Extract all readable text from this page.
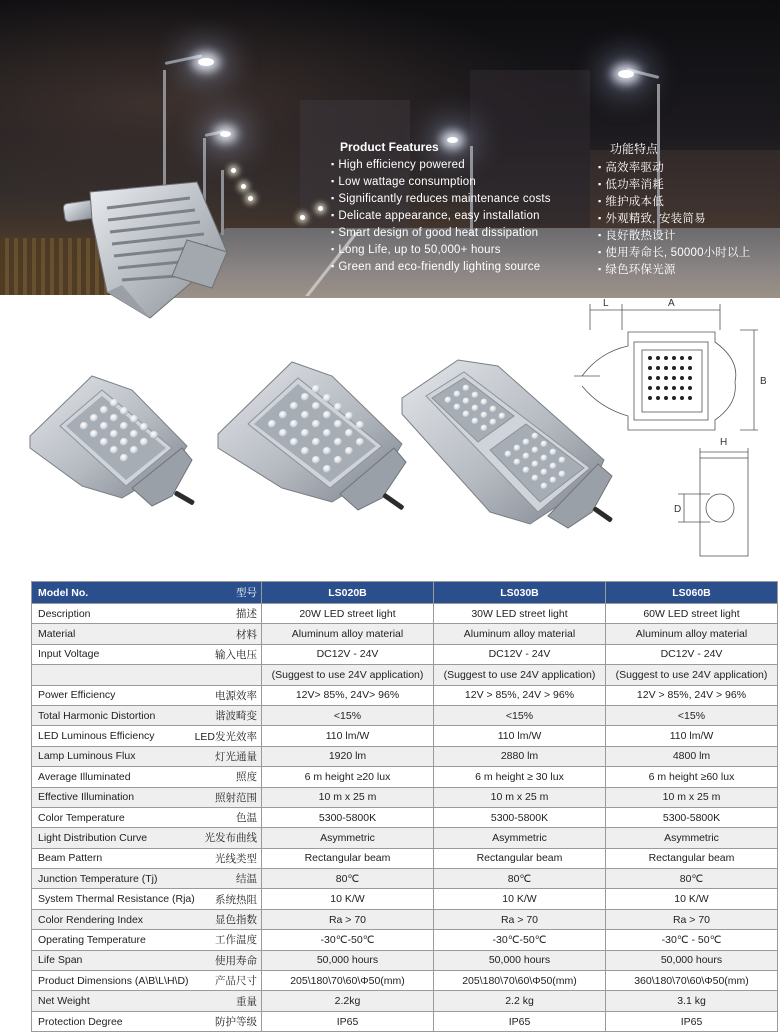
Product Features
▪ High efficiency powered
▪ Low wattage consumption
▪ Significantly reduces maintenance costs
▪ Delicate appearance, easy installation
▪ Smart design of good heat dissipation
▪ Long Life, up to 50,000+ hours
▪ Green and eco-friendly lighting source
功能特点
▪ 高效率驱动
▪ 低功率消耗
▪ 维护成本低
▪ 外观精致, 安装简易
▪ 良好散热设计
▪ 使用寿命长, 50000小时以上
▪ 绿色环保光源
L	A
B
H
D
Model No.	型号	LS020B	LS030B	LS060B
Description	描述	20W LED street light	30W LED street light	60W LED street light
Material	材料	Aluminum alloy material	Aluminum alloy material	Aluminum alloy material
Input Voltage	输入电压	DC12V - 24V	DC12V - 24V	DC12V - 24V
		(Suggest to use 24V application)	(Suggest to use 24V application)	(Suggest to use 24V application)
Power Efficiency	电源效率	12V> 85%, 24V> 96%	12V > 85%, 24V > 96%	12V > 85%, 24V > 96%
Total Harmonic Distortion	谐波畸变	<15%	<15%	<15%
LED Luminous Efficiency	LED发光效率	110 lm/W	110 lm/W	110 lm/W
Lamp Luminous Flux	灯光通量	1920 lm	2880 lm	4800 lm
Average Illuminated	照度	6 m height ≥20 lux	6 m height ≥ 30 lux	6 m height ≥60 lux
Effective Illumination	照射范围	10 m x 25 m	10 m x 25 m	10 m x 25 m
Color Temperature	色温	5300-5800K	5300-5800K	5300-5800K
Light Distribution Curve	光发布曲线	Asymmetric	Asymmetric	Asymmetric
Beam Pattern	光线类型	Rectangular beam	Rectangular beam	Rectangular beam
Junction Temperature (Tj)	结温	80℃	80℃	80℃
System Thermal Resistance (Rja)	系统热阻	10 K/W	10 K/W	10 K/W
Color Rendering Index	显色指数	Ra > 70	Ra > 70	Ra > 70
Operating Temperature	工作温度	-30℃-50℃	-30℃-50℃	-30℃ - 50℃
Life Span	使用寿命	50,000 hours	50,000 hours	50,000 hours
Product Dimensions (A\B\L\H\D)	产品尺寸	205\180\70\60\Φ50(mm)	205\180\70\60\Φ50(mm)	360\180\70\60\Φ50(mm)
Net Weight	重量	2.2kg	2.2 kg	3.1 kg
Protection Degree	防护等级	IP65	IP65	IP65
